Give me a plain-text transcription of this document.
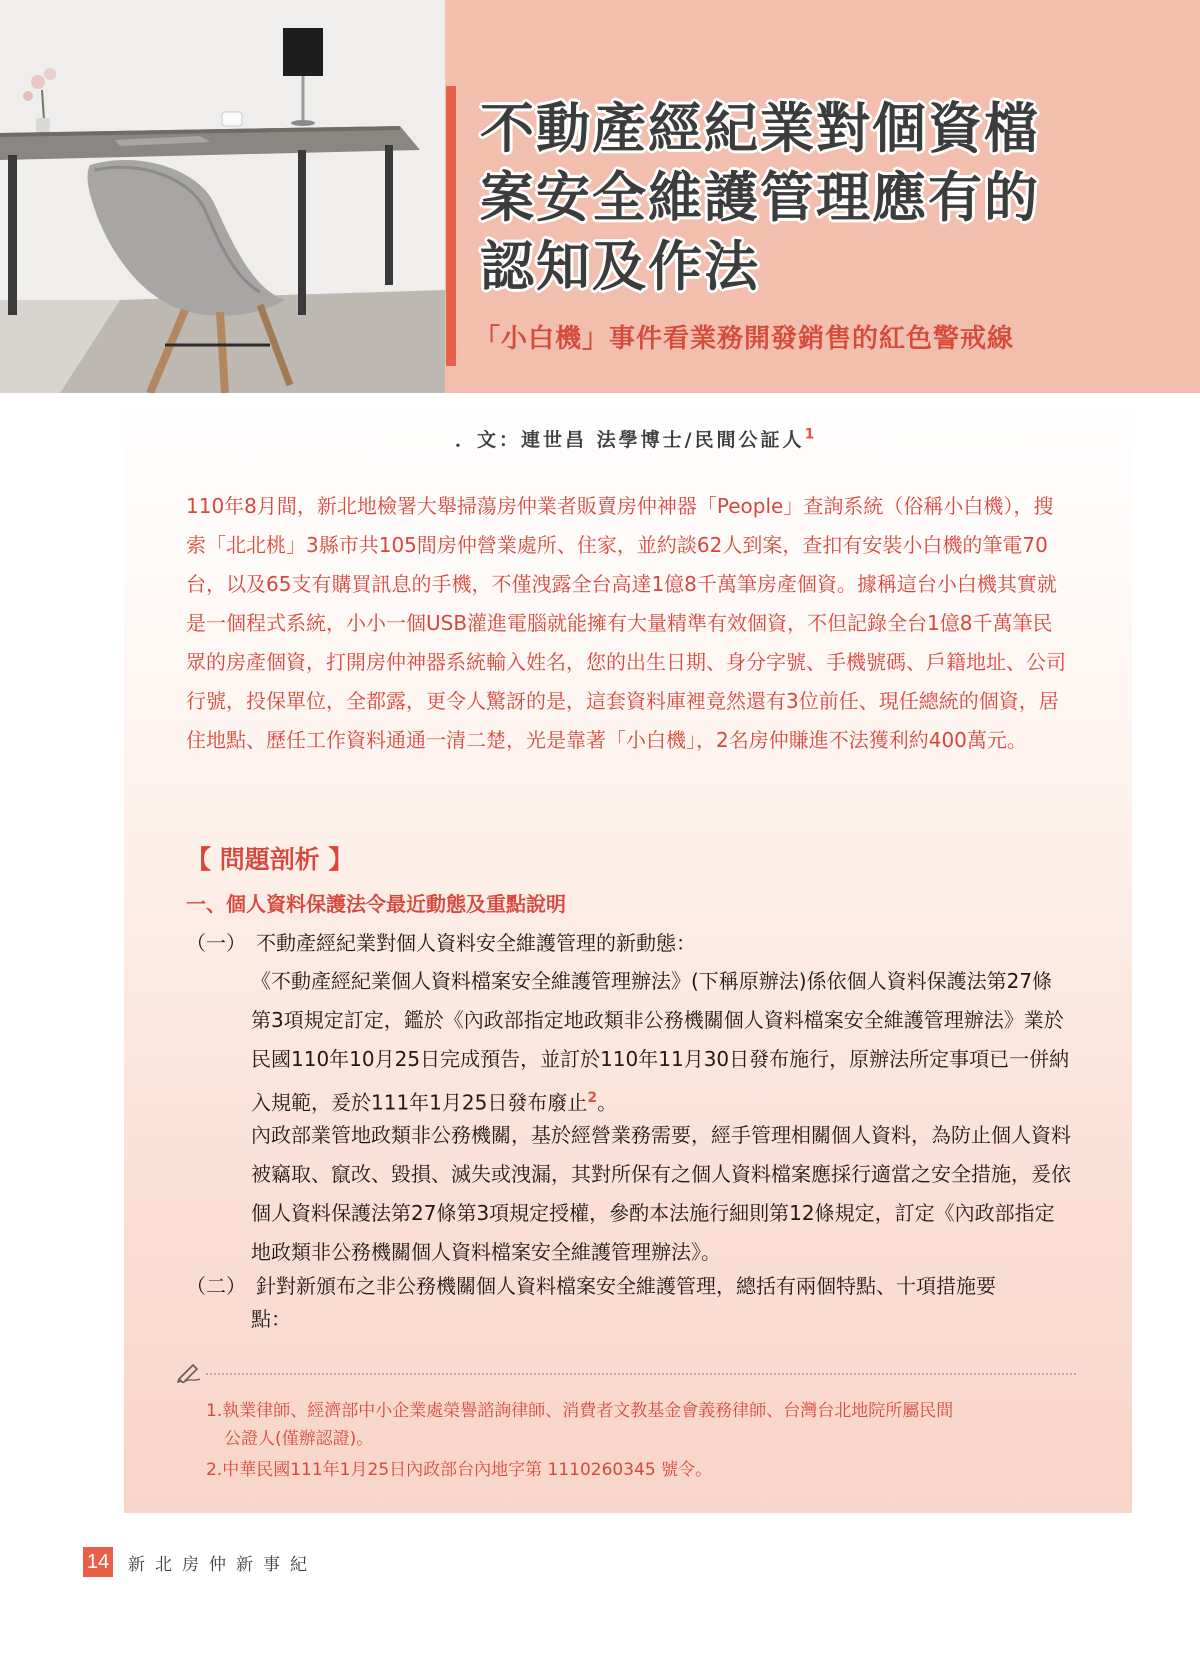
不動產經紀業對個資檔
案安全維護管理應有的
認知及作法
「小白機」事件看業務開發銷售的紅色警戒線
．文：連世昌 法學博士/民間公証人$^1$

110年8月間，新北地檢署大舉掃蕩房仲業者販賣房仲神器「People」查詢系統（俗稱小白機），搜索「北北桃」3縣市共105間房仲營業處所、住家，並約談62人到案，查扣有安裝小白機的筆電70台，以及65支有購買訊息的手機，不僅洩露全台高達1億8千萬筆房產個資。據稱這台小白機其實就是一個程式系統，小小一個USB灌進電腦就能擁有大量精準有效個資，不但記錄全台1億8千萬筆民眾的房產個資，打開房仲神器系統輸入姓名，您的出生日期、身分字號、手機號碼、戶籍地址、公司行號，投保單位，全都露，更令人驚訝的是，這套資料庫裡竟然還有3位前任、現任總統的個資，居住地點、歷任工作資料通通一清二楚，光是靠著「小白機」，2名房仲賺進不法獲利約400萬元。

【 問題剖析 】
一、個人資料保護法令最近動態及重點說明

（一） 不動產經紀業對個人資料安全維護管理的新動態：

《不動產經紀業個人資料檔案安全維護管理辦法》(下稱原辦法)係依個人資料保護法第27條第3項規定訂定，鑑於《內政部指定地政類非公務機關個人資料檔案安全維護管理辦法》業於民國110年10月25日完成預告，並訂於110年11月30日發布施行，原辦法所定事項已一併納入規範，爰於111年1月25日發布廢止$^2$。

內政部業管地政類非公務機關，基於經營業務需要，經手管理相關個人資料，為防止個人資料被竊取、竄改、毀損、滅失或洩漏，其對所保有之個人資料檔案應採行適當之安全措施，爰依個人資料保護法第27條第3項規定授權，參酌本法施行細則第12條規定，訂定《內政部指定地政類非公務機關個人資料檔案安全維護管理辦法》。

（二） 針對新頒布之非公務機關個人資料檔案安全維護管理，總括有兩個特點、十項措施要

點：

1.執業律師、經濟部中小企業處榮譽諮詢律師、消費者文教基金會義務律師、台灣台北地院所屬民間
公證人(僅辦認證)。

2.中華民國111年1月25日內政部台內地字第 1110260345 號令。

14 新北房仲新事紀
